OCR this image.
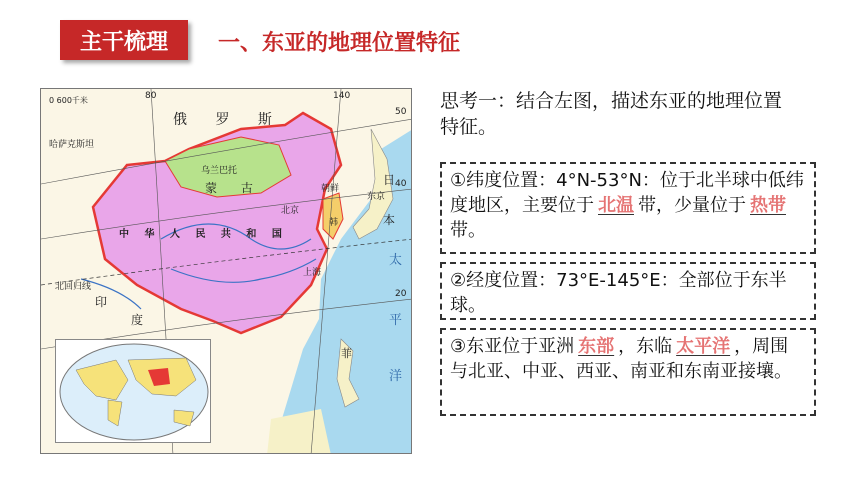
主干梳理	一、东亚的地理位置特征
0 600千米	80	140
50
40
20
俄 罗 斯
乌兰巴托
蒙 古
北京
中 华 人 民 共 和 国
朝鲜
韩
上海
日
本
东京
太
平
洋
北回归线
印
度
哈萨克斯坦
菲
思考一：结合左图，描述东亚的地理位置特征。
①纬度位置：4°N-53°N：位于北半球中低纬度地区，主要位于 北温 带，少量位于 热带带。
②经度位置：73°E-145°E：全部位于东半球。
③东亚位于亚洲 东部 ，东临 太平洋 ，周围与北亚、中亚、西亚、南亚和东南亚接壤。
